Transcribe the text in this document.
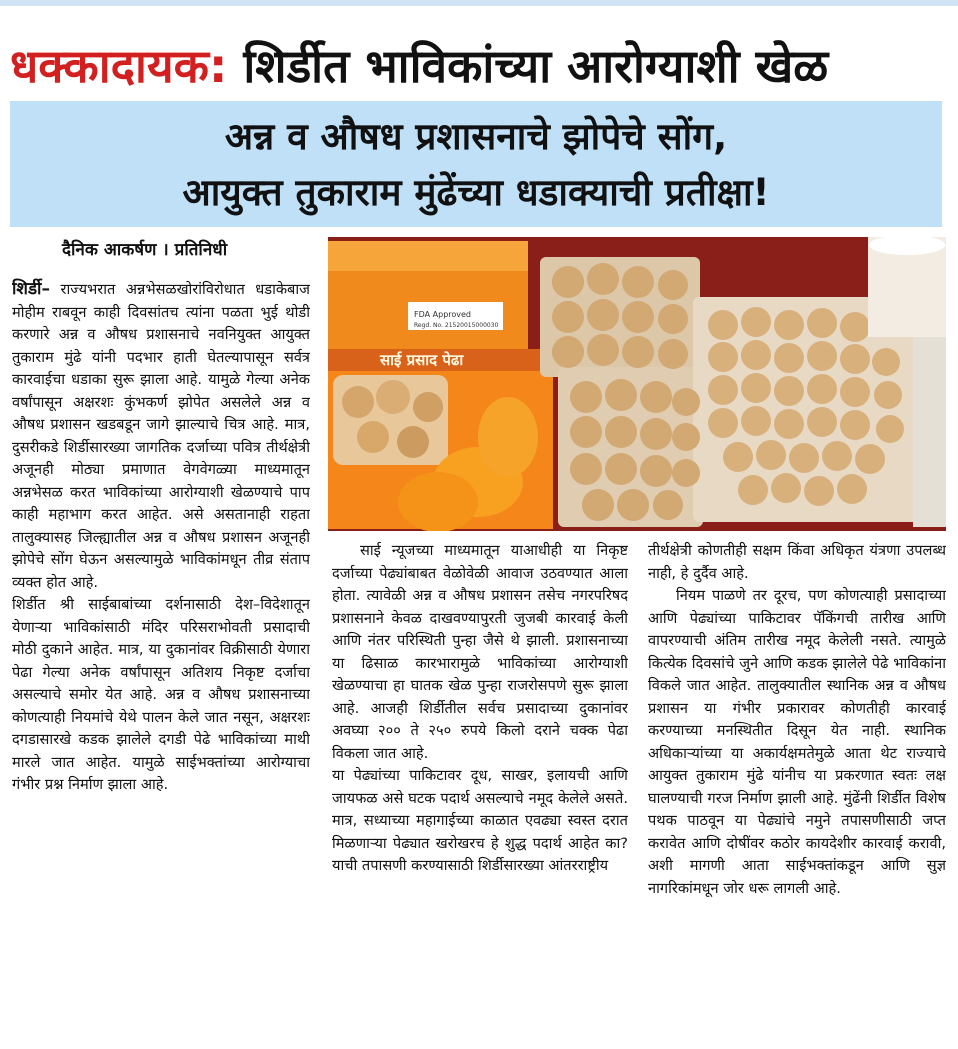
धक्कादायक: शिर्डीत भाविकांच्या आरोग्याशी खेळ
अन्न व औषध प्रशासनाचे झोपेचे सोंग,
आयुक्त तुकाराम मुंढेंच्या धडाक्याची प्रतीक्षा!
दैनिक आकर्षण । प्रतिनिधी
FDA Approved
Regd. No. 21520015000030
साई प्रसाद पेढा

शिर्डी– राज्यभरात अन्नभेसळखोरांविरोधात धडाकेबाज मोहीम राबवून काही दिवसांतच त्यांना पळता भुई थोडी करणारे अन्न व औषध प्रशासनाचे नवनियुक्त आयुक्त तुकाराम मुंढे यांनी पदभार हाती घेतल्यापासून सर्वत्र कारवाईचा धडाका सुरू झाला आहे. यामुळे गेल्या अनेक वर्षांपासून अक्षरशः कुंभकर्ण झोपेत असलेले अन्न व औषध प्रशासन खडबडून जागे झाल्याचे चित्र आहे. मात्र, दुसरीकडे शिर्डीसारख्या जागतिक दर्जाच्या पवित्र तीर्थक्षेत्री अजूनही मोठ्या प्रमाणात वेगवेगळ्या माध्यमातून अन्नभेसळ करत भाविकांच्या आरोग्याशी खेळण्याचे पाप काही महाभाग करत आहेत. असे असतानाही राहता तालुक्यासह जिल्ह्यातील अन्न व औषध प्रशासन अजूनही झोपेचे सोंग घेऊन असल्यामुळे भाविकांमधून तीव्र संताप व्यक्त होत आहे.

शिर्डीत श्री साईबाबांच्या दर्शनासाठी देश–विदेशातून येणाऱ्या भाविकांसाठी मंदिर परिसराभोवती प्रसादाची मोठी दुकाने आहेत. मात्र, या दुकानांवर विक्रीसाठी येणारा पेढा गेल्या अनेक वर्षांपासून अतिशय निकृष्ट दर्जाचा असल्याचे समोर येत आहे. अन्न व औषध प्रशासनाच्या कोणत्याही नियमांचे येथे पालन केले जात नसून, अक्षरशः दगडासारखे कडक झालेले दगडी पेढे भाविकांच्या माथी मारले जात आहेत. यामुळे साईभक्तांच्या आरोग्याचा गंभीर प्रश्न निर्माण झाला आहे.

साई न्यूजच्या माध्यमातून याआधीही या निकृष्ट दर्जाच्या पेढ्यांबाबत वेळोवेळी आवाज उठवण्यात आला होता. त्यावेळी अन्न व औषध प्रशासन तसेच नगरपरिषद प्रशासनाने केवळ दाखवण्यापुरती जुजबी कारवाई केली आणि नंतर परिस्थिती पुन्हा जैसे थे झाली. प्रशासनाच्या या ढिसाळ कारभारामुळे भाविकांच्या आरोग्याशी खेळण्याचा हा घातक खेळ पुन्हा राजरोसपणे सुरू झाला आहे. आजही शिर्डीतील सर्वच प्रसादाच्या दुकानांवर अवघ्या २०० ते २५० रुपये किलो दराने चक्क पेढा विकला जात आहे.

या पेढ्यांच्या पाकिटावर दूध, साखर, इलायची आणि जायफळ असे घटक पदार्थ असल्याचे नमूद केलेले असते. मात्र, सध्याच्या महागाईच्या काळात एवढ्या स्वस्त दरात मिळणाऱ्या पेढ्यात खरोखरच हे शुद्ध पदार्थ आहेत का? याची तपासणी करण्यासाठी शिर्डीसारख्या आंतरराष्ट्रीय

तीर्थक्षेत्री कोणतीही सक्षम किंवा अधिकृत यंत्रणा उपलब्ध नाही, हे दुर्दैव आहे.

नियम पाळणे तर दूरच, पण कोणत्याही प्रसादाच्या आणि पेढ्यांच्या पाकिटावर पॅकिंगची तारीख आणि वापरण्याची अंतिम तारीख नमूद केलेली नसते. त्यामुळे कित्येक दिवसांचे जुने आणि कडक झालेले पेढे भाविकांना विकले जात आहेत. तालुक्यातील स्थानिक अन्न व औषध प्रशासन या गंभीर प्रकारावर कोणतीही कारवाई करण्याच्या मनस्थितीत दिसून येत नाही. स्थानिक अधिकाऱ्यांच्या या अकार्यक्षमतेमुळे आता थेट राज्याचे आयुक्त तुकाराम मुंढे यांनीच या प्रकरणात स्वतः लक्ष घालण्याची गरज निर्माण झाली आहे. मुंढेंनी शिर्डीत विशेष पथक पाठवून या पेढ्यांचे नमुने तपासणीसाठी जप्त करावेत आणि दोषींवर कठोर कायदेशीर कारवाई करावी, अशी मागणी आता साईभक्तांकडून आणि सुज्ञ नागरिकांमधून जोर धरू लागली आहे.
